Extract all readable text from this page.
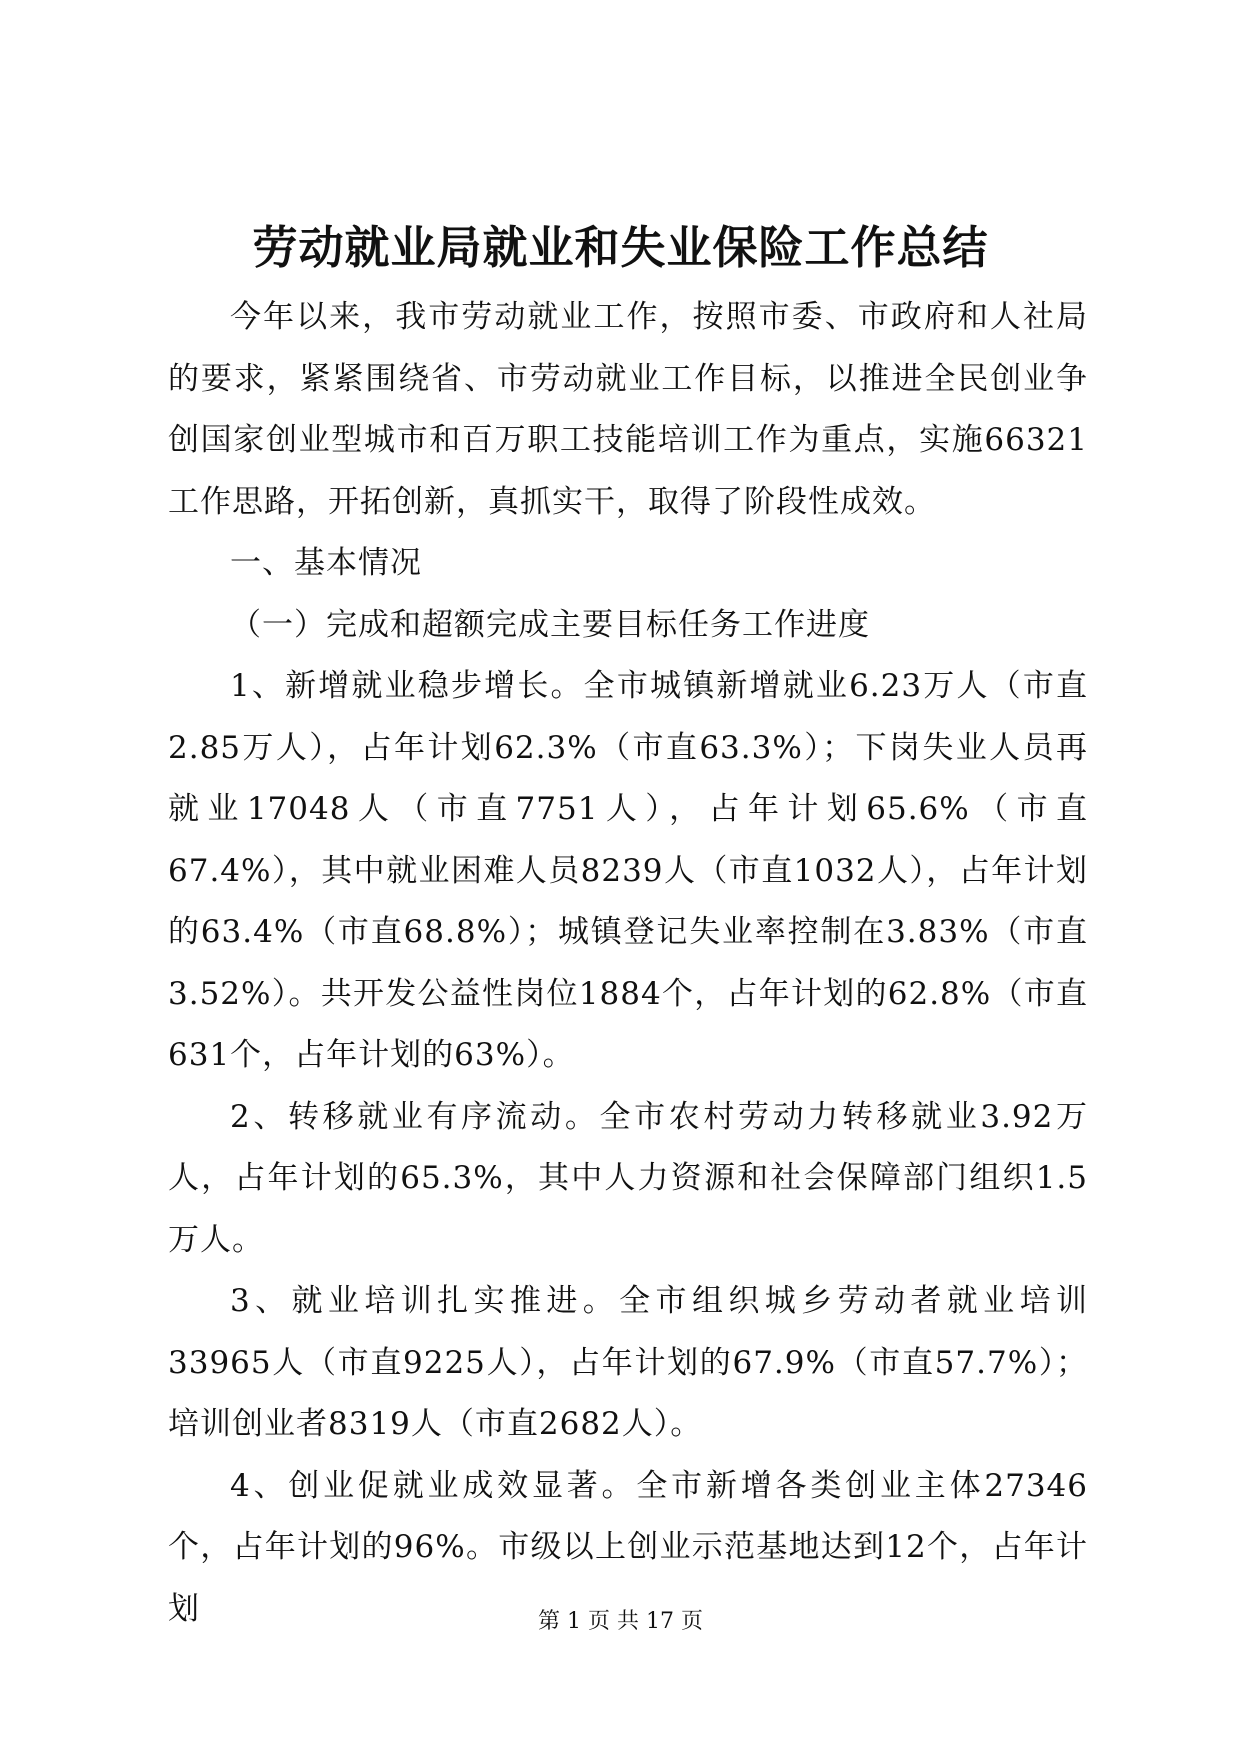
劳动就业局就业和失业保险工作总结

今年以来，我市劳动就业工作，按照市委、市政府和人社局的要求，紧紧围绕省、市劳动就业工作目标，以推进全民创业争创国家创业型城市和百万职工技能培训工作为重点，实施66321工作思路，开拓创新，真抓实干，取得了阶段性成效。

一、基本情况

（一）完成和超额完成主要目标任务工作进度

1、新增就业稳步增长。全市城镇新增就业6.23万人（市直2.85万人），占年计划62.3%（市直63.3%）；下岗失业人员再就业17048人（市直7751人），占年计划65.6%（市直67.4%），其中就业困难人员8239人（市直1032人），占年计划的63.4%（市直68.8%）；城镇登记失业率控制在3.83%（市直3.52%）。共开发公益性岗位1884个，占年计划的62.8%（市直631个，占年计划的63%）。

2、转移就业有序流动。全市农村劳动力转移就业3.92万人，占年计划的65.3%，其中人力资源和社会保障部门组织1.5万人。

3、就业培训扎实推进。全市组织城乡劳动者就业培训33965人（市直9225人），占年计划的67.9%（市直57.7%）；培训创业者8319人（市直2682人）。

4、创业促就业成效显著。全市新增各类创业主体27346个，占年计划的96%。市级以上创业示范基地达到12个，占年计划	第 1 页 共 17 页
